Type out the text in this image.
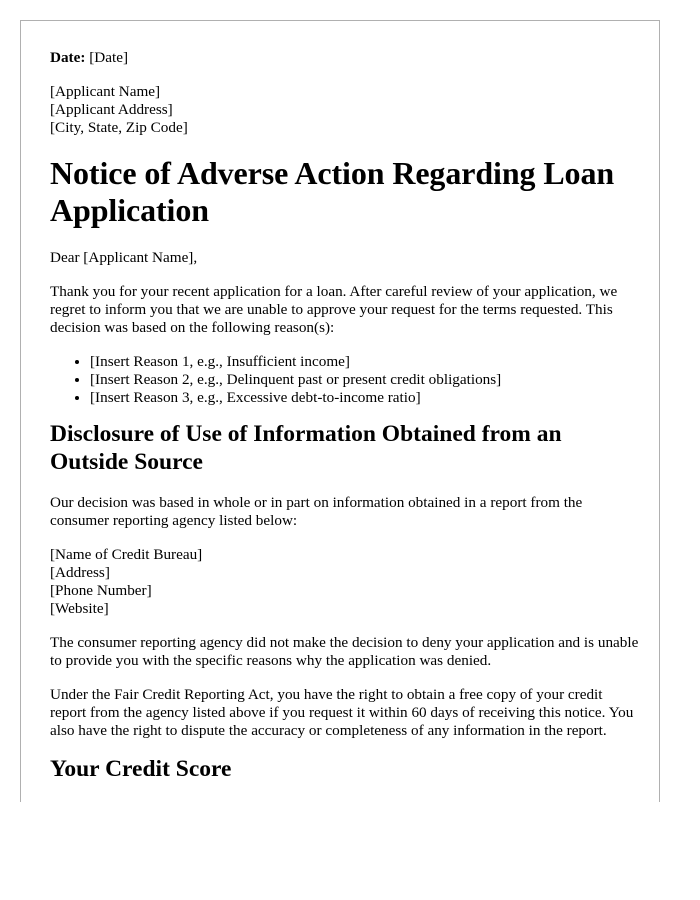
Date: [Date]

[Applicant Name]
[Applicant Address]
[City, State, Zip Code]

Notice of Adverse Action Regarding Loan Application

Dear [Applicant Name],

Thank you for your recent application for a loan. After careful review of your application, we regret to inform you that we are unable to approve your request for the terms requested. This decision was based on the following reason(s):

• [Insert Reason 1, e.g., Insufficient income]
• [Insert Reason 2, e.g., Delinquent past or present credit obligations]
• [Insert Reason 3, e.g., Excessive debt-to-income ratio]
Disclosure of Use of Information Obtained from an Outside Source

Our decision was based in whole or in part on information obtained in a report from the consumer reporting agency listed below:

[Name of Credit Bureau]
[Address]
[Phone Number]
[Website]

The consumer reporting agency did not make the decision to deny your application and is unable to provide you with the specific reasons why the application was denied.

Under the Fair Credit Reporting Act, you have the right to obtain a free copy of your credit report from the agency listed above if you request it within 60 days of receiving this notice. You also have the right to dispute the accuracy or completeness of any information in the report.

Your Credit Score
